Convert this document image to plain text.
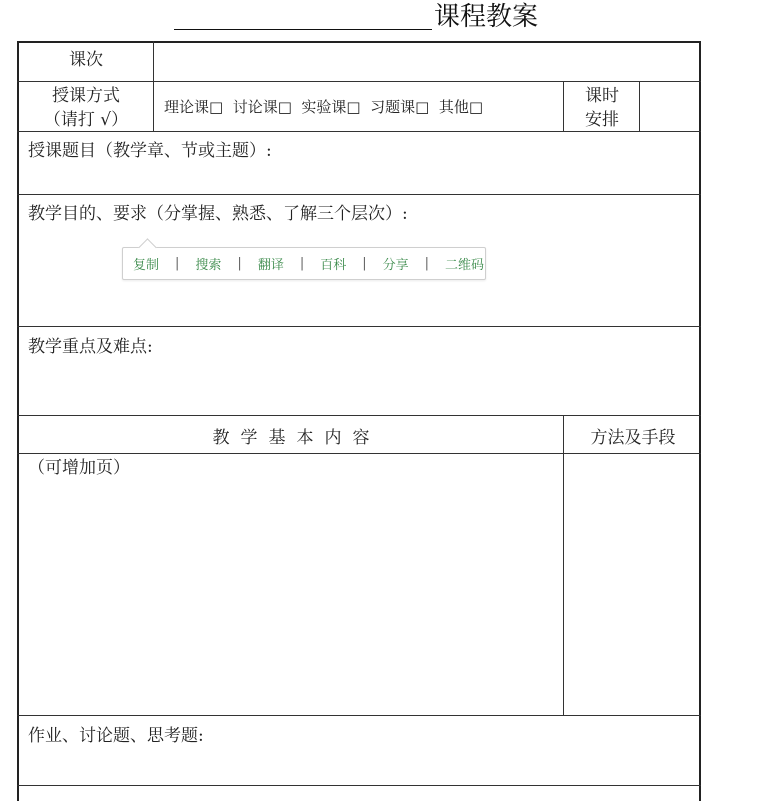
课程教案
课次
授课方式
（请打 √）
理论课□  讨论课□  实验课□  习题课□  其他□
课时
安排
授课题目（教学章、节或主题）:
教学目的、要求（分掌握、熟悉、了解三个层次）:
复制 | 搜索 | 翻译 | 百科 | 分享 | 二维码
教学重点及难点:
教学基本内容	方法及手段
（可增加页）
作业、讨论题、思考题:
